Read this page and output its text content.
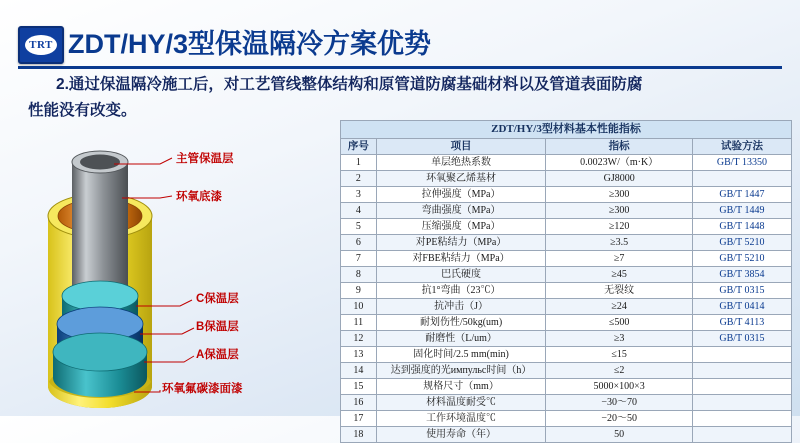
TRT ZDT/HY/3型保温隔冷方案优势
2.通过保温隔冷施工后，对工艺管线整体结构和原管道防腐基础材料以及管道表面防腐
性能没有改变。
主管保温层
环氧底漆
C保温层
B保温层
A保温层
环氧氟碳漆面漆
ZDT/HY/3型材料基本性能指标			
序号	项目	指标	试验方法
1	单层绝热系数	0.0023W/（m·K）	GB/T 13350
2	环氧聚乙烯基材	GJ8000	
3	拉伸强度（MPa）	≥300	GB/T 1447
4	弯曲强度（MPa）	≥300	GB/T 1449
5	压缩强度（MPa）	≥120	GB/T 1448
6	对PE粘结力（MPa）	≥3.5	GB/T 5210
7	对FBE粘结力（MPa）	≥7	GB/T 5210
8	巴氏硬度	≥45	GB/T 3854
9	抗1°弯曲（23℃）	无裂纹	GB/T 0315
10	抗冲击（J）	≥24	GB/T 0414
11	耐划伤性/50kg(um)	≤500	GB/T 4113
12	耐磨性（L/um）	≥3	GB/T 0315
13	固化时间/2.5 mm(min)	≤15	
14	达到强度的光импульс时间（h）	≤2	
15	规格尺寸（mm）	5000×100×3	
16	材料温度耐受℃	−30～70	
17	工作环境温度℃	−20～50	
18	使用寿命（年）	50	
